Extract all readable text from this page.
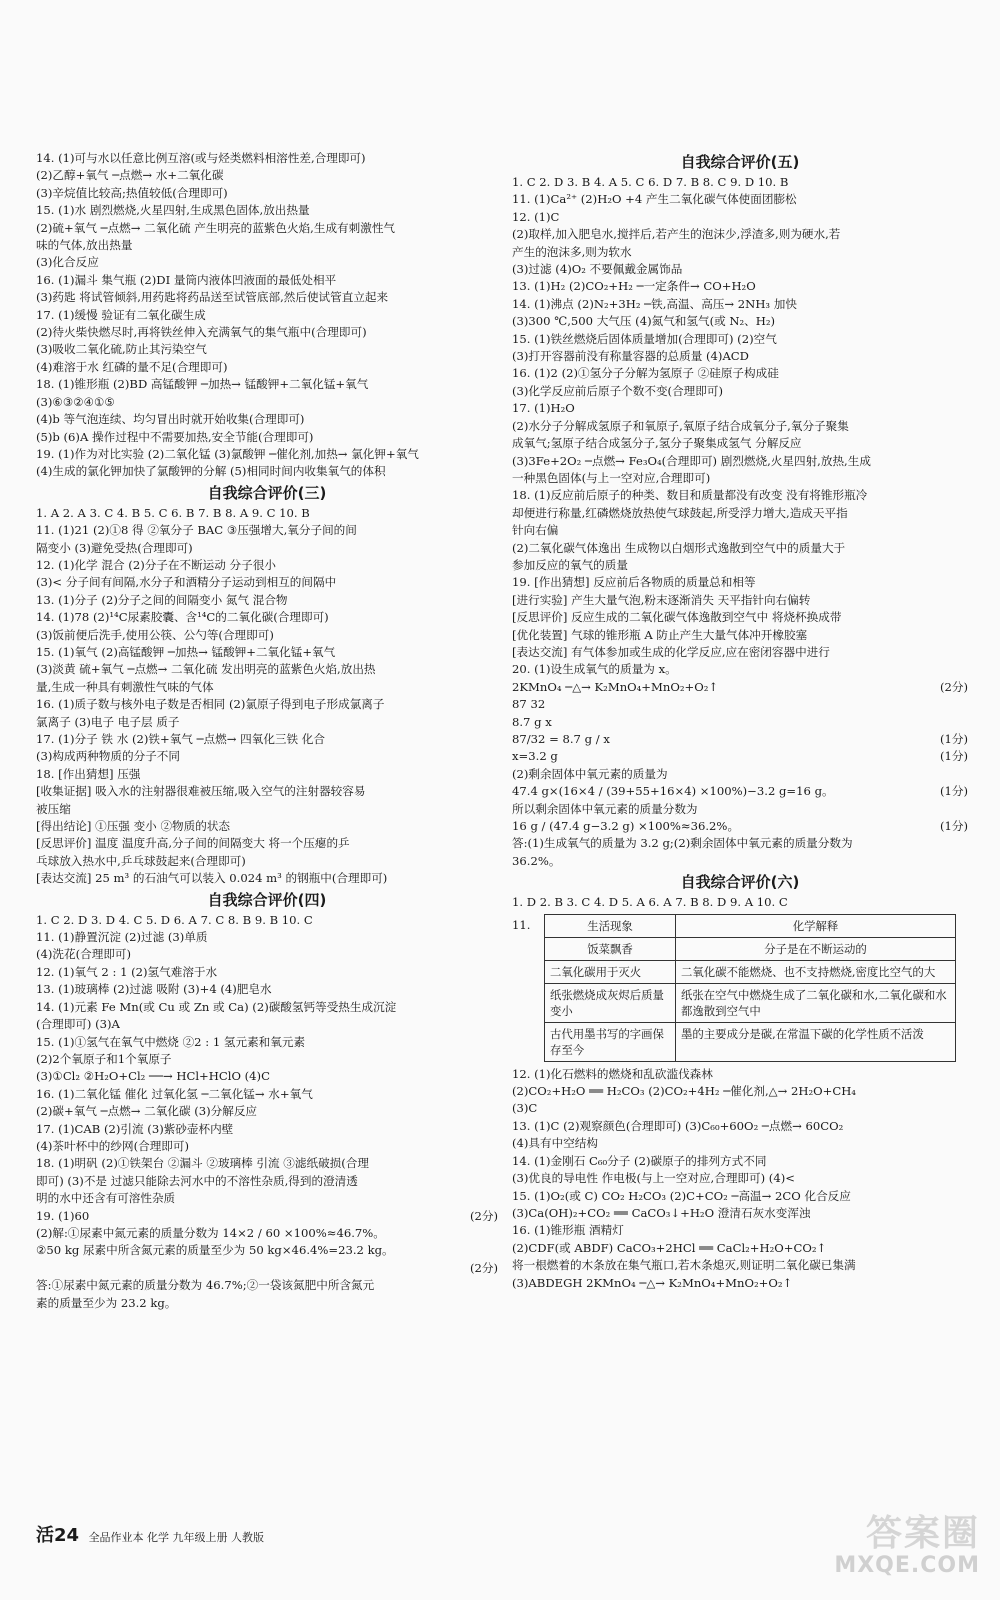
14. (1)可与水以任意比例互溶(或与烃类燃料相溶性差,合理即可)
(2)乙醇+氧气 ─点燃→ 水+二氧化碳
(3)辛烷值比较高;热值较低(合理即可)
15. (1)水 剧烈燃烧,火星四射,生成黑色固体,放出热量
(2)硫+氧气 ─点燃→ 二氧化硫 产生明亮的蓝紫色火焰,生成有刺激性气
味的气体,放出热量
(3)化合反应
16. (1)漏斗 集气瓶 (2)DI 量筒内液体凹液面的最低处相平
(3)药匙 将试管倾斜,用药匙将药品送至试管底部,然后使试管直立起来
17. (1)缓慢 验证有二氧化碳生成
(2)待火柴快燃尽时,再将铁丝伸入充满氧气的集气瓶中(合理即可)
(3)吸收二氧化硫,防止其污染空气
(4)难溶于水 红磷的量不足(合理即可)
18. (1)锥形瓶 (2)BD 高锰酸钾 ─加热→ 锰酸钾+二氧化锰+氧气
(3)⑥③②④①⑤
(4)b 等气泡连续、均匀冒出时就开始收集(合理即可)
(5)b (6)A 操作过程中不需要加热,安全节能(合理即可)
19. (1)作为对比实验 (2)二氧化锰 (3)氯酸钾 ─催化剂,加热→ 氯化钾+氧气
(4)生成的氯化钾加快了氯酸钾的分解 (5)相同时间内收集氧气的体积
自我综合评价(三)
1. A 2. A 3. C 4. B 5. C 6. B 7. B 8. A 9. C 10. B
11. (1)21 (2)①8 得 ②氧分子 BAC ③压强增大,氧分子间的间
隔变小 (3)避免受热(合理即可)
12. (1)化学 混合 (2)分子在不断运动 分子很小
(3)< 分子间有间隔,水分子和酒精分子运动到相互的间隔中
13. (1)分子 (2)分子之间的间隔变小 氮气 混合物
14. (1)78 (2)¹⁴C尿素胶囊、含¹⁴C的二氧化碳(合理即可)
(3)饭前便后洗手,使用公筷、公勺等(合理即可)
15. (1)氧气 (2)高锰酸钾 ─加热→ 锰酸钾+二氧化锰+氧气
(3)淡黄 硫+氧气 ─点燃→ 二氧化硫 发出明亮的蓝紫色火焰,放出热
量,生成一种具有刺激性气味的气体
16. (1)质子数与核外电子数是否相同 (2)氯原子得到电子形成氯离子
氯离子 (3)电子 电子层 质子
17. (1)分子 铁 水 (2)铁+氧气 ─点燃→ 四氧化三铁 化合
(3)构成两种物质的分子不同
18. [作出猜想] 压强
[收集证据] 吸入水的注射器很难被压缩,吸入空气的注射器较容易
被压缩
[得出结论] ①压强 变小 ②物质的状态
[反思评价] 温度 温度升高,分子间的间隔变大 将一个压瘪的乒
乓球放入热水中,乒乓球鼓起来(合理即可)
[表达交流] 25 m³ 的石油气可以装入 0.024 m³ 的钢瓶中(合理即可)
自我综合评价(四)
1. C 2. D 3. D 4. C 5. D 6. A 7. C 8. B 9. B 10. C
11. (1)静置沉淀 (2)过滤 (3)单质
(4)洗花(合理即可)
12. (1)氧气 2 : 1 (2)氢气难溶于水
13. (1)玻璃棒 (2)过滤 吸附 (3)+4 (4)肥皂水
14. (1)元素 Fe Mn(或 Cu 或 Zn 或 Ca) (2)碳酸氢钙等受热生成沉淀
(合理即可) (3)A
15. (1)①氢气在氧气中燃烧 ②2 : 1 氢元素和氧元素
(2)2个氧原子和1个氧原子
(3)①Cl₂ ②H₂O+Cl₂ ──→ HCl+HClO (4)C
16. (1)二氧化锰 催化 过氧化氢 ─二氧化锰→ 水+氧气
(2)碳+氧气 ─点燃→ 二氧化碳 (3)分解反应
17. (1)CAB (2)引流 (3)紫砂壶杯内壁
(4)茶叶杯中的纱网(合理即可)
18. (1)明矾 (2)①铁架台 ②漏斗 ②玻璃棒 引流 ③滤纸破损(合理
即可) (3)不是 过滤只能除去河水中的不溶性杂质,得到的澄清透
明的水中还含有可溶性杂质
(2分)
19. (1)60
(2)解:①尿素中氮元素的质量分数为 14×2 / 60 ×100%≈46.7%。
②50 kg 尿素中所含氮元素的质量至少为 50 kg×46.4%=23.2 kg。
(2分)
答:①尿素中氮元素的质量分数为 46.7%;②一袋该氮肥中所含氮元
素的质量至少为 23.2 kg。
自我综合评价(五)
1. C 2. D 3. B 4. A 5. C 6. D 7. B 8. C 9. D 10. B
11. (1)Ca²⁺ (2)H₂O +4 产生二氧化碳气体使面团膨松
12. (1)C
(2)取样,加入肥皂水,搅拌后,若产生的泡沫少,浮渣多,则为硬水,若
产生的泡沫多,则为软水
(3)过滤 (4)O₂ 不要佩戴金属饰品
13. (1)H₂ (2)CO₂+H₂ ─一定条件→ CO+H₂O
14. (1)沸点 (2)N₂+3H₂ ─铁,高温、高压→ 2NH₃ 加快
(3)300 ℃,500 大气压 (4)氮气和氢气(或 N₂、H₂)
15. (1)铁丝燃烧后固体质量增加(合理即可) (2)空气
(3)打开容器前没有称量容器的总质量 (4)ACD
16. (1)2 (2)①氢分子分解为氢原子 ②硅原子构成硅
(3)化学反应前后原子个数不变(合理即可)
17. (1)H₂O
(2)水分子分解成氢原子和氧原子,氧原子结合成氧分子,氧分子聚集
成氧气;氢原子结合成氢分子,氢分子聚集成氢气 分解反应
(3)3Fe+2O₂ ─点燃→ Fe₃O₄(合理即可) 剧烈燃烧,火星四射,放热,生成
一种黑色固体(与上一空对应,合理即可)
18. (1)反应前后原子的种类、数目和质量都没有改变 没有将锥形瓶冷
却便进行称量,红磷燃烧放热使气球鼓起,所受浮力增大,造成天平指
针向右偏
(2)二氧化碳气体逸出 生成物以白烟形式逸散到空气中的质量大于
参加反应的氧气的质量
19. [作出猜想] 反应前后各物质的质量总和相等
[进行实验] 产生大量气泡,粉末逐渐消失 天平指针向右偏转
[反思评价] 反应生成的二氧化碳气体逸散到空气中 将烧杯换成带
[优化装置] 气球的锥形瓶 A 防止产生大量气体冲开橡胶塞
[表达交流] 有气体参加或生成的化学反应,应在密闭容器中进行
20. (1)设生成氧气的质量为 x。
(2分)
2KMnO₄ ─△→ K₂MnO₄+MnO₂+O₂↑
87 32
8.7 g x
(1分)
87/32 = 8.7 g / x
(1分)
x=3.2 g
(2)剩余固体中氧元素的质量为
(1分)
47.4 g×(16×4 / (39+55+16×4) ×100%)−3.2 g=16 g。
所以剩余固体中氧元素的质量分数为
(1分)
16 g / (47.4 g−3.2 g) ×100%≈36.2%。
答:(1)生成氧气的质量为 3.2 g;(2)剩余固体中氧元素的质量分数为
36.2%。
自我综合评价(六)
1. D 2. B 3. C 4. D 5. A 6. A 7. B 8. D 9. A 10. C
11.	生活现象	化学解释
饭菜飘香	分子是在不断运动的
二氧化碳用于灭火	二氧化碳不能燃烧、也不支持燃烧,密度比空气的大
纸张燃烧成灰烬后质量变小	纸张在空气中燃烧生成了二氧化碳和水,二氧化碳和水都逸散到空气中
古代用墨书写的字画保存至今	墨的主要成分是碳,在常温下碳的化学性质不活泼
12. (1)化石燃料的燃烧和乱砍滥伐森林
(2)CO₂+H₂O ══ H₂CO₃ (2)CO₂+4H₂ ─催化剂,△→ 2H₂O+CH₄
(3)C
13. (1)C (2)观察颜色(合理即可) (3)C₆₀+60O₂ ─点燃→ 60CO₂
(4)具有中空结构
14. (1)金刚石 C₆₀分子 (2)碳原子的排列方式不同
(3)优良的导电性 作电极(与上一空对应,合理即可) (4)<
15. (1)O₂(或 C) CO₂ H₂CO₃ (2)C+CO₂ ─高温→ 2CO 化合反应
(3)Ca(OH)₂+CO₂ ══ CaCO₃↓+H₂O 澄清石灰水变浑浊
16. (1)锥形瓶 酒精灯
(2)CDF(或 ABDF) CaCO₃+2HCl ══ CaCl₂+H₂O+CO₂↑
将一根燃着的木条放在集气瓶口,若木条熄灭,则证明二氧化碳已集满
(3)ABDEGH 2KMnO₄ ─△→ K₂MnO₄+MnO₂+O₂↑
活24 全品作业本 化学 九年级上册 人教版	答案圈
MXQE.COM
